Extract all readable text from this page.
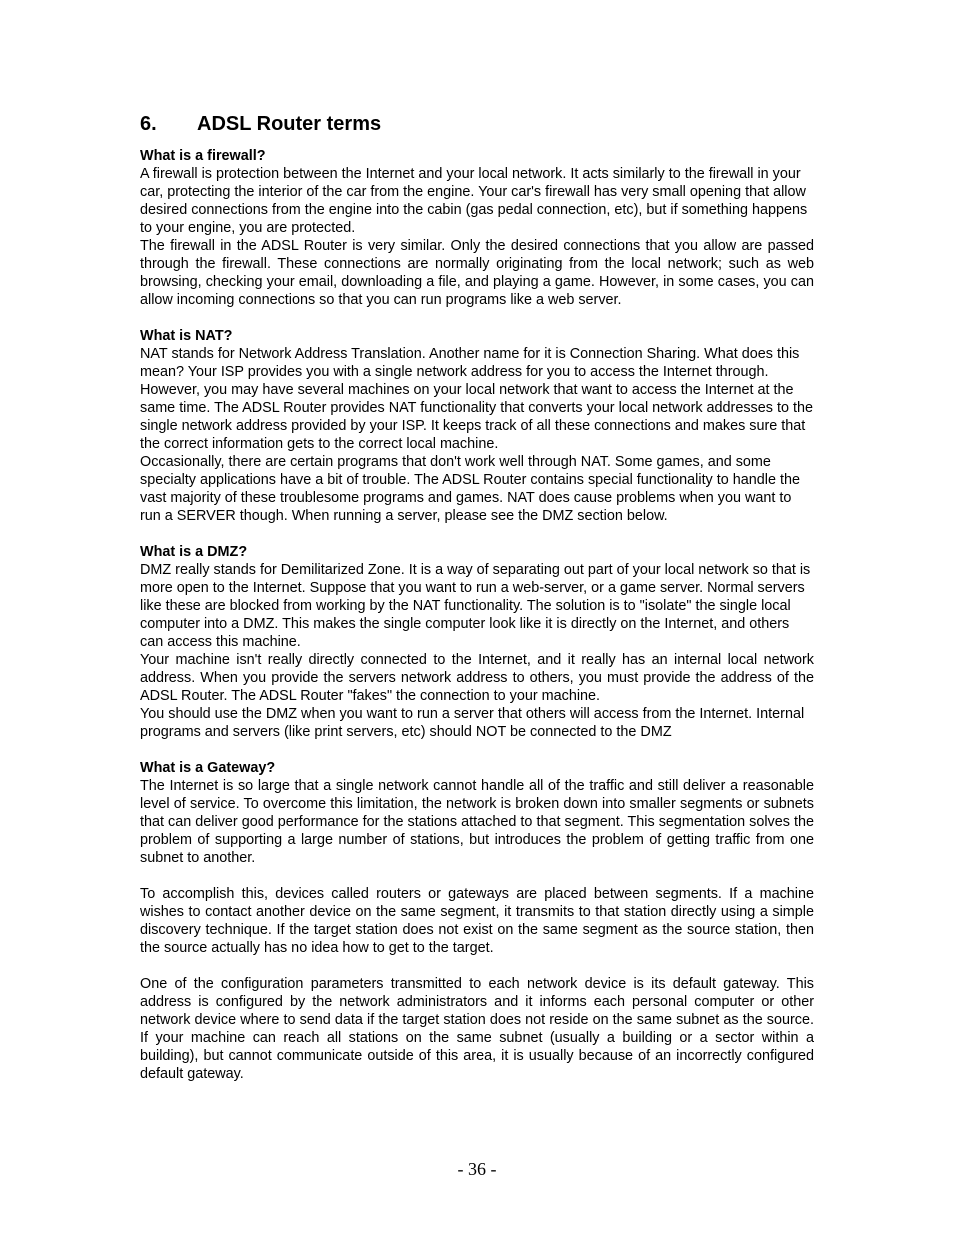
6.	ADSL Router terms

What is a firewall?

A firewall is protection between the Internet and your local network. It acts similarly to the firewall in your car, protecting the interior of the car from the engine. Your car's firewall has very small opening that allow desired connections from the engine into the cabin (gas pedal connection, etc), but if something happens to your engine, you are protected.

The firewall in the ADSL Router is very similar. Only the desired connections that you allow are passed through the firewall. These connections are normally originating from the local network; such as web browsing, checking your email, downloading a file, and playing a game. However, in some cases, you can allow incoming connections so that you can run programs like a web server.

What is NAT?

NAT stands for Network Address Translation. Another name for it is Connection Sharing. What does this mean? Your ISP provides you with a single network address for you to access the Internet through. However, you may have several machines on your local network that want to access the Internet at the same time. The ADSL Router provides NAT functionality that converts your local network addresses to the single network address provided by your ISP. It keeps track of all these connections and makes sure that the correct information gets to the correct local machine.

Occasionally, there are certain programs that don't work well through NAT. Some games, and some specialty applications have a bit of trouble. The ADSL Router contains special functionality to handle the vast majority of these troublesome programs and games. NAT does cause problems when you want to run a SERVER though. When running a server, please see the DMZ section below.

What is a DMZ?

DMZ really stands for Demilitarized Zone. It is a way of separating out part of your local network so that is more open to the Internet. Suppose that you want to run a web-server, or a game server. Normal servers like these are blocked from working by the NAT functionality. The solution is to "isolate" the single local computer into a DMZ. This makes the single computer look like it is directly on the Internet, and others can access this machine.

Your machine isn't really directly connected to the Internet, and it really has an internal local network address. When you provide the servers network address to others, you must provide the address of the ADSL Router. The ADSL Router "fakes" the connection to your machine.

You should use the DMZ when you want to run a server that others will access from the Internet. Internal programs and servers (like print servers, etc) should NOT be connected to the DMZ

What is a Gateway?

The Internet is so large that a single network cannot handle all of the traffic and still deliver a reasonable level of service. To overcome this limitation, the network is broken down into smaller segments or subnets that can deliver good performance for the stations attached to that segment. This segmentation solves the problem of supporting a large number of stations, but introduces the problem of getting traffic from one subnet to another.

To accomplish this, devices called routers or gateways are placed between segments. If a machine wishes to contact another device on the same segment, it transmits to that station directly using a simple discovery technique. If the target station does not exist on the same segment as the source station, then the source actually has no idea how to get to the target.

One of the configuration parameters transmitted to each network device is its default gateway. This address is configured by the network administrators and it informs each personal computer or other network device where to send data if the target station does not reside on the same subnet as the source. If your machine can reach all stations on the same subnet (usually a building or a sector within a building), but cannot communicate outside of this area, it is usually because of an incorrectly configured default gateway.

- 36 -
